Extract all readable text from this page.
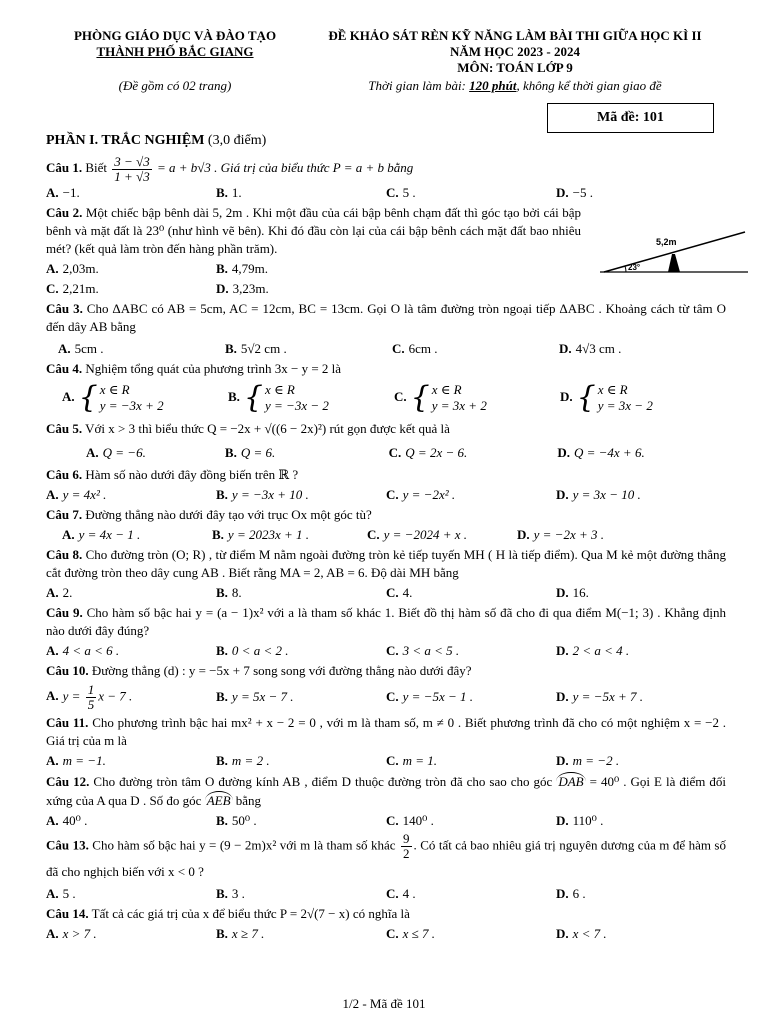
PHÒNG GIÁO DỤC VÀ ĐÀO TẠO
THÀNH PHỐ BẮC GIANG
(Đề gồm có 02 trang)
ĐỀ KHẢO SÁT RÈN KỸ NĂNG LÀM BÀI THI GIỮA HỌC KÌ II
NĂM HỌC 2023 - 2024
MÔN: TOÁN LỚP 9
Thời gian làm bài: 120 phút, không kể thời gian giao đề
Mã đề: 101
PHẦN I. TRẮC NGHIỆM (3,0 điểm)
23°
5,2m
Câu 1. Biết $\frac{3 - √3}{1 + √3} = a + b√3$ . Giá trị của biểu thức P = a + b bằng
A. −1.	B. 1.	C. 5 .	D. −5 .
Câu 2. Một chiếc bập bênh dài 5, 2m . Khi một đầu của cái bập bênh chạm đất thì góc tạo bởi cái bập bênh và mặt đất là 23⁰ (như hình vẽ bên). Khi đó đầu còn lại của cái bập bênh cách mặt đất bao nhiêu mét? (kết quả làm tròn đến hàng phần trăm).
A. 2,03m.	B. 4,79m.
C. 2,21m.	D. 3,23m.
Câu 3. Cho ΔABC có AB = 5cm, AC = 12cm, BC = 13cm. Gọi O là tâm đường tròn ngoại tiếp ΔABC . Khoảng cách từ tâm O đến dây AB bằng
A. 5cm .	B. 5√2 cm .	C. 6cm .	D. 4√3 cm .
Câu 4. Nghiệm tổng quát của phương trình 3x − y = 2 là
A. { x ∈ R
y = −3x + 2
B. { x ∈ R
y = −3x − 2
C. { x ∈ R
y = 3x + 2
D. { x ∈ R
y = 3x − 2
Câu 5. Với x > 3 thì biểu thức Q = −2x + √((6 − 2x)²) rút gọn được kết quả là
A. Q = −6.	B. Q = 6.	C. Q = 2x − 6.	D. Q = −4x + 6.
Câu 6. Hàm số nào dưới đây đồng biến trên ℝ ?
A. y = 4x² .	B. y = −3x + 10 .	C. y = −2x² .	D. y = 3x − 10 .
Câu 7. Đường thẳng nào dưới đây tạo với trục Ox một góc tù?
A. y = 4x − 1 .	B. y = 2023x + 1 .	C. y = −2024 + x .	D. y = −2x + 3 .
Câu 8. Cho đường tròn (O; R) , từ điểm M nằm ngoài đường tròn kẻ tiếp tuyến MH ( H là tiếp điểm). Qua M kẻ một đường thẳng cắt đường tròn theo dây cung AB . Biết rằng MA = 2, AB = 6. Độ dài MH bằng
A. 2.	B. 8.	C. 4.	D. 16.
Câu 9. Cho hàm số bậc hai y = (a − 1)x² với a là tham số khác 1. Biết đồ thị hàm số đã cho đi qua điểm M(−1; 3) . Khẳng định nào dưới đây đúng?
A. 4 < a < 6 .	B. 0 < a < 2 .	C. 3 < a < 5 .	D. 2 < a < 4 .
Câu 10. Đường thẳng (d) : y = −5x + 7 song song với đường thẳng nào dưới đây?
A. $y = \frac{1}{5}$ x − 7 .	B. y = 5x − 7 .	C. y = −5x − 1 .	D. y = −5x + 7 .
Câu 11. Cho phương trình bậc hai mx² + x − 2 = 0 , với m là tham số, m ≠ 0 . Biết phương trình đã cho có một nghiệm x = −2 . Giá trị của m là
A. m = −1.	B. m = 2 .	C. m = 1.	D. m = −2 .
Câu 12. Cho đường tròn tâm O đường kính AB , điểm D thuộc đường tròn đã cho sao cho góc DAB = 40⁰ . Gọi E là điểm đối xứng của A qua D . Số đo góc AEB bằng
A. 40⁰ .	B. 50⁰ .	C. 140⁰ .	D. 110⁰ .
Câu 13. Cho hàm số bậc hai y = (9 − 2m)x² với m là tham số khác $\frac{9}{2}$ . Có tất cả bao nhiêu giá trị nguyên dương của m để hàm số đã cho nghịch biến với x < 0 ?
A. 5 .	B. 3 .	C. 4 .	D. 6 .
Câu 14. Tất cả các giá trị của x để biểu thức P = 2√(7 − x) có nghĩa là
A. x > 7 .	B. x ≥ 7 .	C. x ≤ 7 .	D. x < 7 .
1/2 - Mã đề 101
